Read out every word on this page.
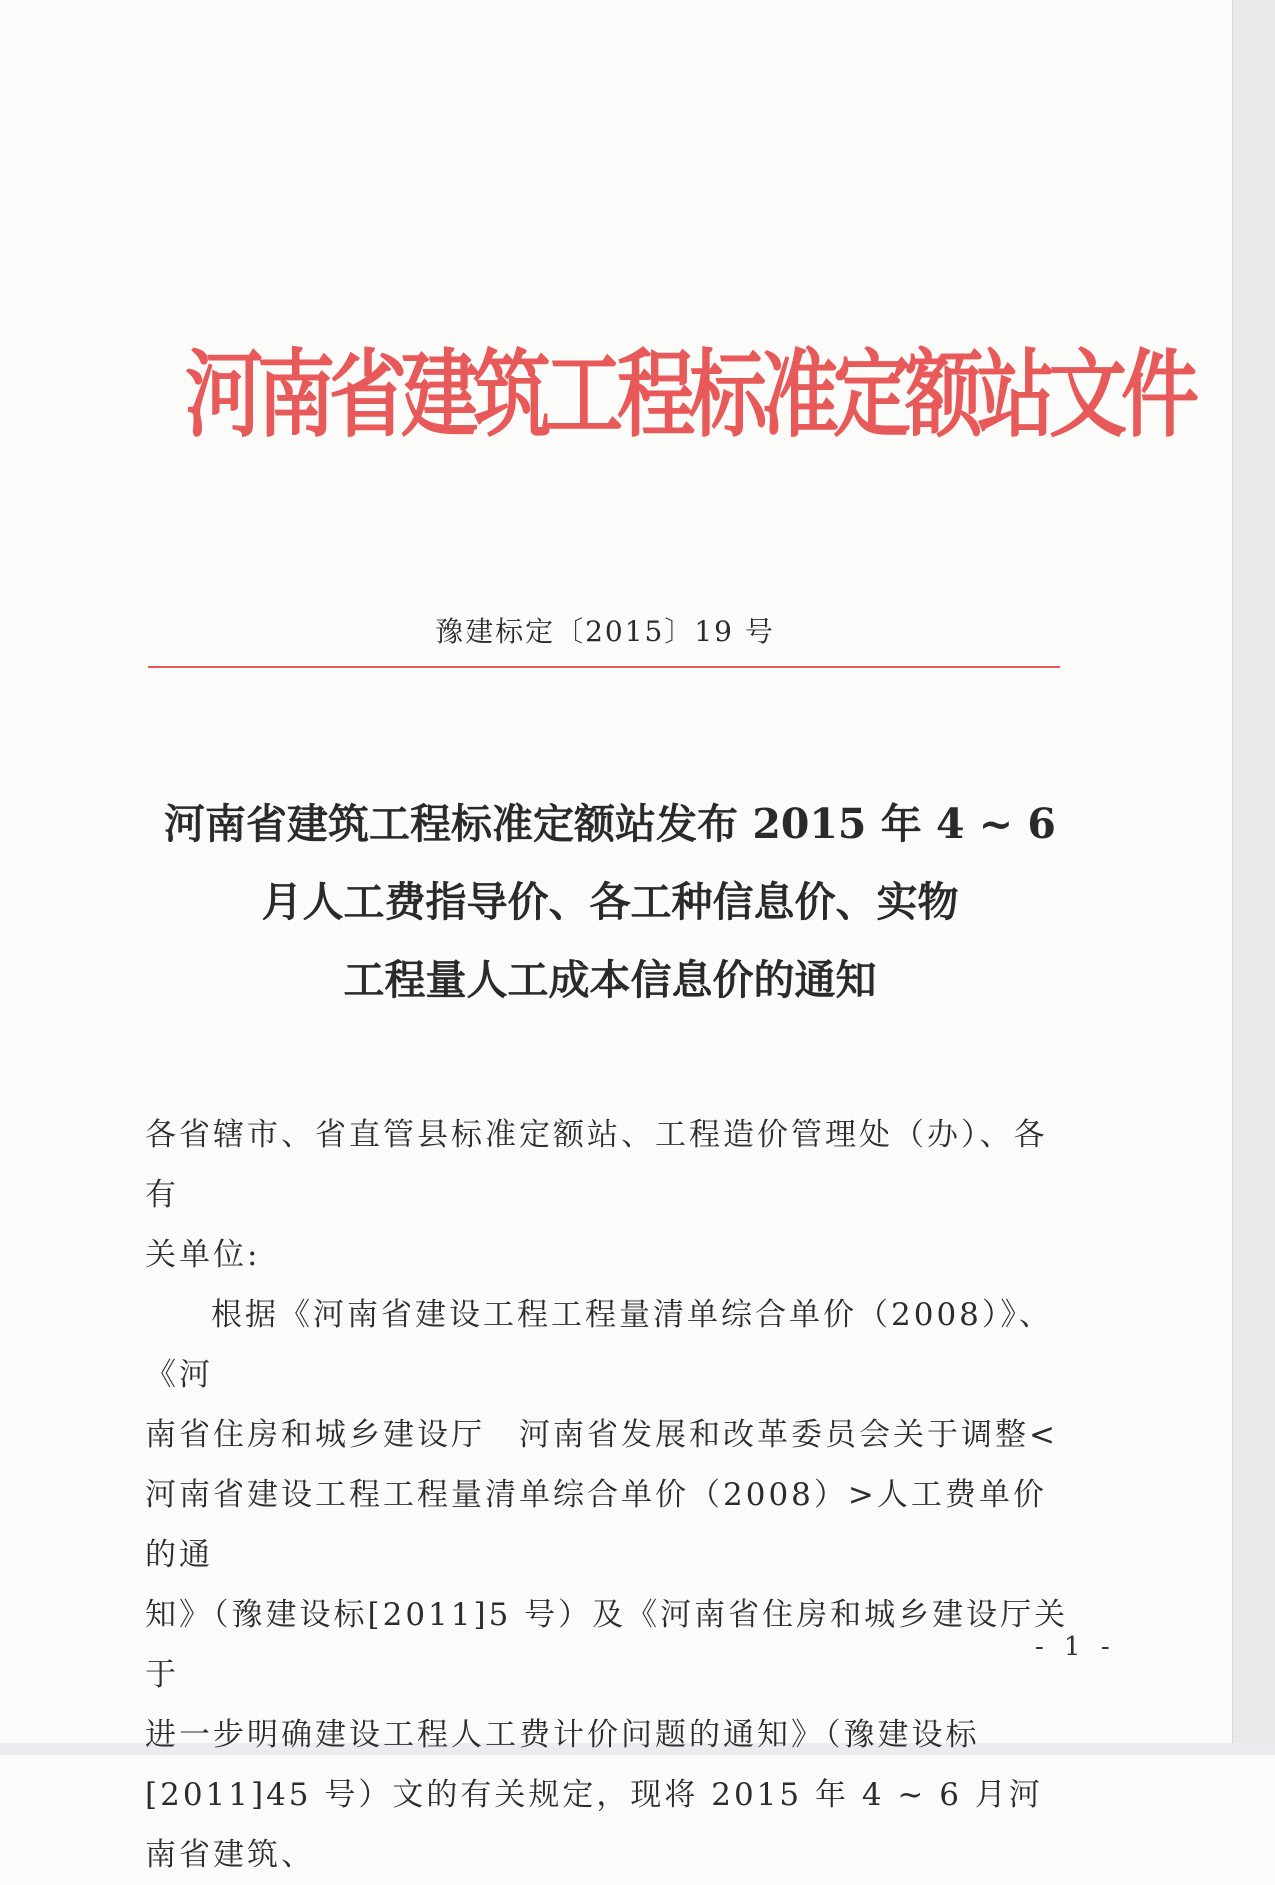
河南省建筑工程标准定额站文件
豫建标定〔2015〕19 号
河南省建筑工程标准定额站发布 2015 年 4 ~ 6
月人工费指导价、各工种信息价、实物
工程量人工成本信息价的通知

各省辖市、省直管县标准定额站、工程造价管理处（办）、各有

关单位:

根据《河南省建设工程工程量清单综合单价（2008）》、《河

南省住房和城乡建设厅　河南省发展和改革委员会关于调整<

河南省建设工程工程量清单综合单价（2008）>人工费单价的通

知》（豫建设标[2011]5 号）及《河南省住房和城乡建设厅关于

进一步明确建设工程人工费计价问题的通知》（豫建设标

[2011]45 号）文的有关规定，现将 2015 年 4 ~ 6 月河南省建筑、

- 1 -
